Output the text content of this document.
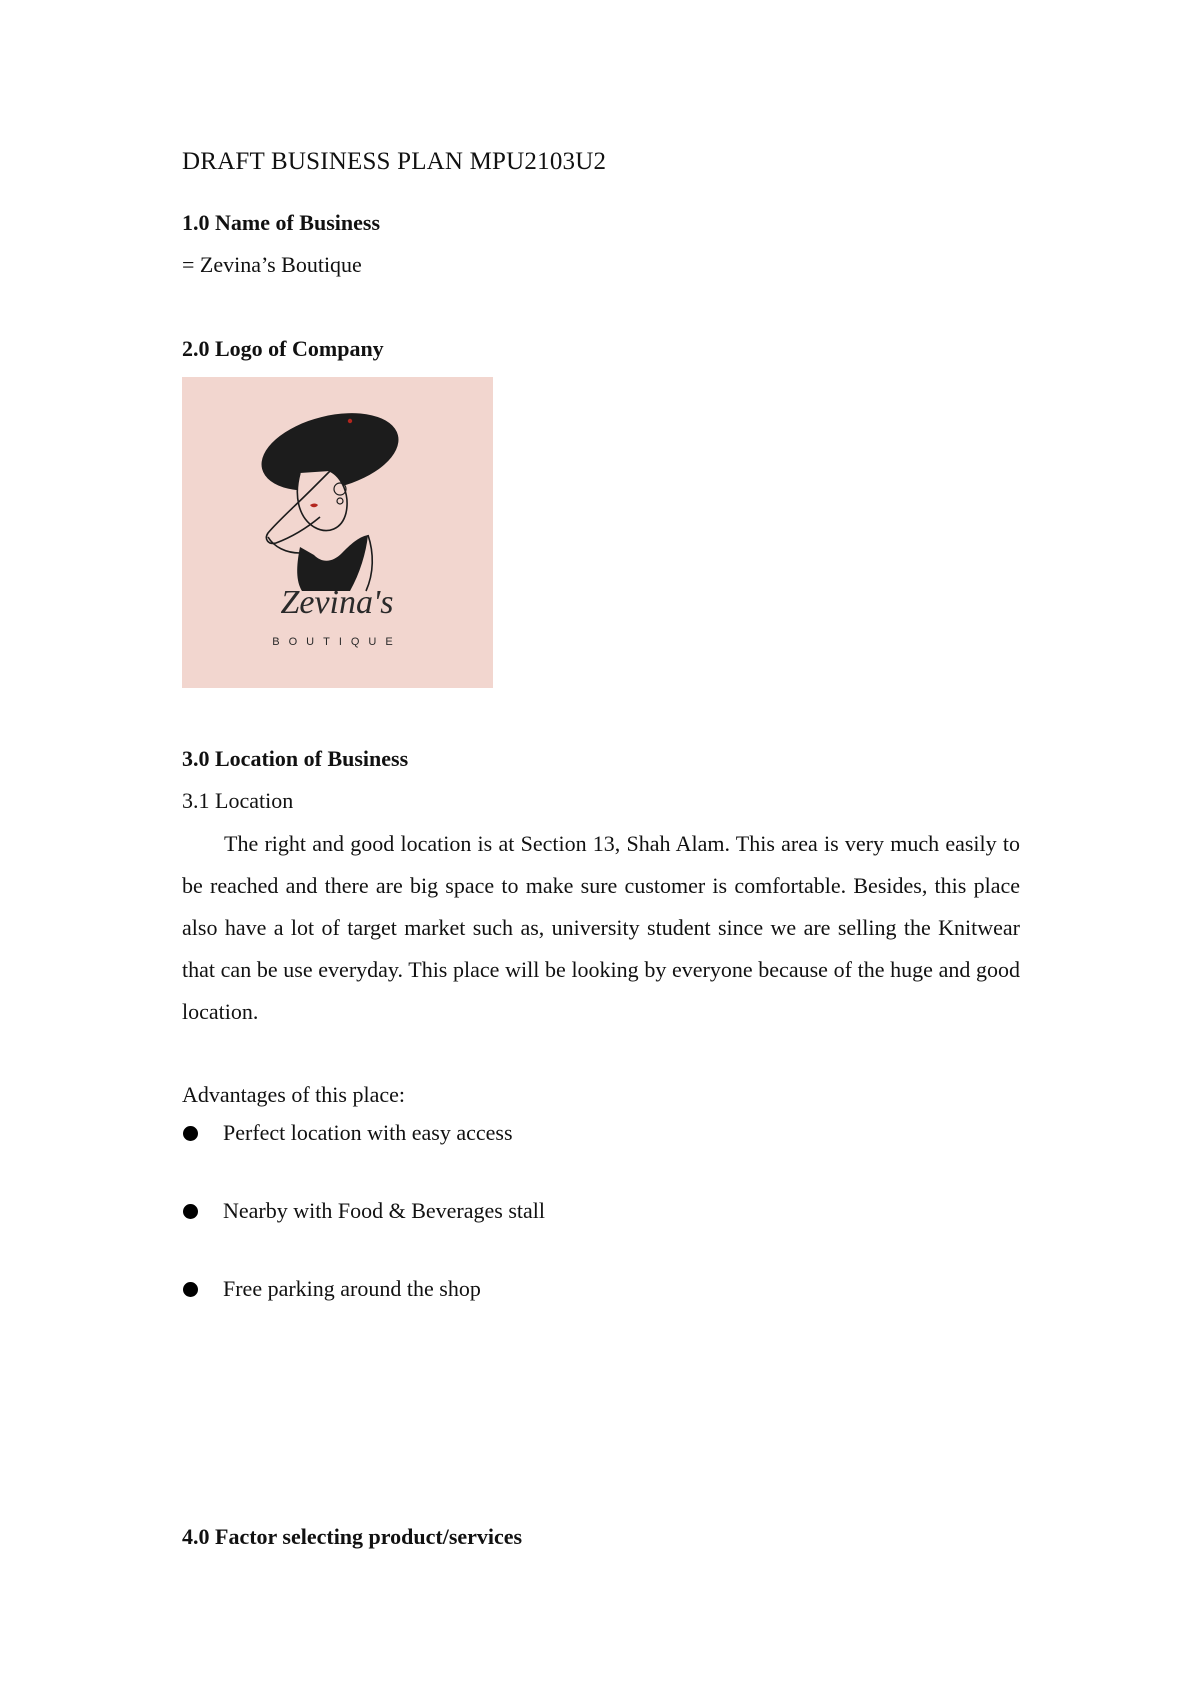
DRAFT BUSINESS PLAN MPU2103U2
1.0 Name of Business
= Zevina’s Boutique
2.0 Logo of Company
Zevina's
BOUTIQUE
3.0 Location of Business
3.1 Location

The right and good location is at Section 13, Shah Alam. This area is very much easily to be reached and there are big space to make sure customer is comfortable. Besides, this place also have a lot of target market such as, university student since we are selling the Knitwear that can be use everyday. This place will be looking by everyone because of the huge and good location.

Advantages of this place:
Perfect location with easy access
Nearby with Food & Beverages stall
Free parking around the shop
4.0 Factor selecting product/services
